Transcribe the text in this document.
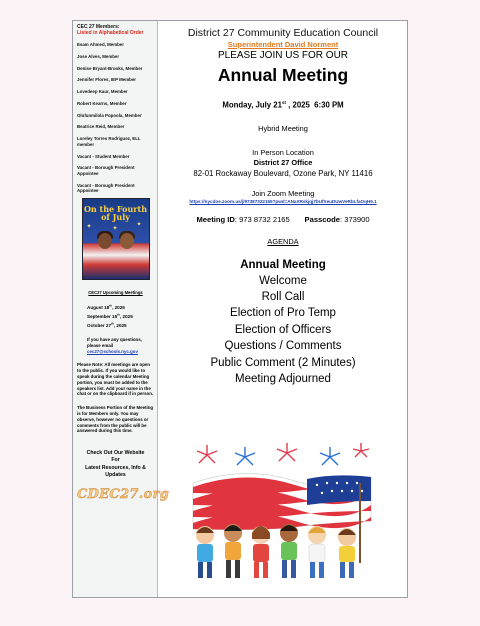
CEC 27 Members:
Listed in Alphabetical Order
Esam Ahmed, Member
Jose Alves, Member
Denise Bryant-Brooks, Member
Jennifer Flores, IEP Member
Lovedeep Kaur, Member
Robert Kearns, Member
Olufunmilola Popoola, Member
Beatrice Reid, Member
Loreley Torres Rodriguez, ELL member
Vacant - Student Member
Vacant - Borough President Appointee
Vacant - Borough President Appointee
On the Fourth of July
✦	✦
✦
CEC27 Upcoming Meetings
August 18th, 2025
September 15th, 2025
October 27th, 2025
If you have any questions, please email cec27@schools.nyc.gov
Please Note: All meetings are open to the public. If you would like to speak during the calendar Meeting portion, you must be added to the speakers list. Add your name in the chat or on the clipboard if in person.
The Business Portion of the Meeting is for Members only. You may observe, however no questions or comments from the public will be answered during this time.
Check Out Our Website
For
Latest Resources, Info &
Updates
CDEC27.org
District 27 Community Education Council
Superintendent David Norment
PLEASE JOIN US FOR OUR
Annual Meeting
Monday, July 21st , 2025  6:30 PM
Hybrid Meeting
In Person Location
District 27 Office
82-01 Rockaway Boulevard, Ozone Park, NY 11416
Join Zoom Meeting
https://nycdoe.zoom.us/j/97387322165?pwd=ANaXRskjqj7bUfXeuDUwVeRbLfaOqH9.1
Meeting ID: 973 8732 2165 Passcode: 373900
AGENDA
Annual Meeting
Welcome
Roll Call
Election of Pro Temp
Election of Officers
Questions / Comments
Public Comment (2 Minutes)
Meeting Adjourned
